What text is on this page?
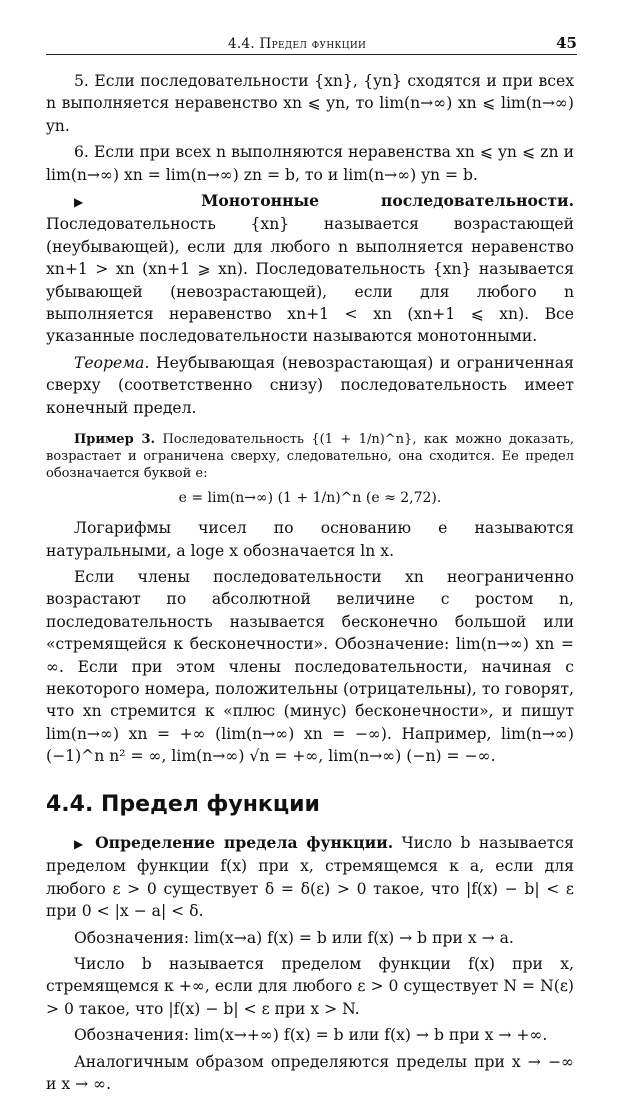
4.4. Предел функции	45

5. Если последовательности {xn}, {yn} сходятся и при всех n выполняется неравенство xn ⩽ yn, то lim(n→∞) xn ⩽ lim(n→∞) yn.

6. Если при всех n выполняются неравенства xn ⩽ yn ⩽ zn и lim(n→∞) xn = lim(n→∞) zn = b, то и lim(n→∞) yn = b.

▶	Монотонные последовательности. Последовательность {xn} называется возрастающей (неубывающей), если для любого n выполняется неравенство xn+1 > xn (xn+1 ⩾ xn). Последовательность {xn} называется убывающей (невозрастающей), если для любого n выполняется неравенство xn+1 < xn (xn+1 ⩽ xn). Все указанные последовательности называются монотонными.

Теорема. Неубывающая (невозрастающая) и ограниченная сверху (соответственно снизу) последовательность имеет конечный предел.

Пример 3. Последовательность {(1 + 1/n)^n}, как можно доказать, возрастает и ограничена сверху, следовательно, она сходится. Ее предел обозначается буквой e:
e = lim(n→∞) (1 + 1/n)^n (e ≈ 2,72).

Логарифмы чисел по основанию e называются натуральными, а loge x обозначается ln x.

Если члены последовательности xn неограниченно возрастают по абсолютной величине с ростом n, последовательность называется бесконечно большой или «стремящейся к бесконечности». Обозначение: lim(n→∞) xn = ∞. Если при этом члены последовательности, начиная с некоторого номера, положительны (отрицательны), то говорят, что xn стремится к «плюс (минус) бесконечности», и пишут lim(n→∞) xn = +∞ (lim(n→∞) xn = −∞). Например, lim(n→∞) (−1)^n n² = ∞, lim(n→∞) √n = +∞, lim(n→∞) (−n) = −∞.

4.4. Предел функции

▶ Определение предела функции. Число b называется пределом функции f(x) при x, стремящемся к a, если для любого ε > 0 существует δ = δ(ε) > 0 такое, что |f(x) − b| < ε при 0 < |x − a| < δ.

Обозначения: lim(x→a) f(x) = b или f(x) → b при x → a.

Число b называется пределом функции f(x) при x, стремящемся к +∞, если для любого ε > 0 существует N = N(ε) > 0 такое, что |f(x) − b| < ε при x > N.

Обозначения: lim(x→+∞) f(x) = b или f(x) → b при x → +∞.

Аналогичным образом определяются пределы при x → −∞ и x → ∞.
